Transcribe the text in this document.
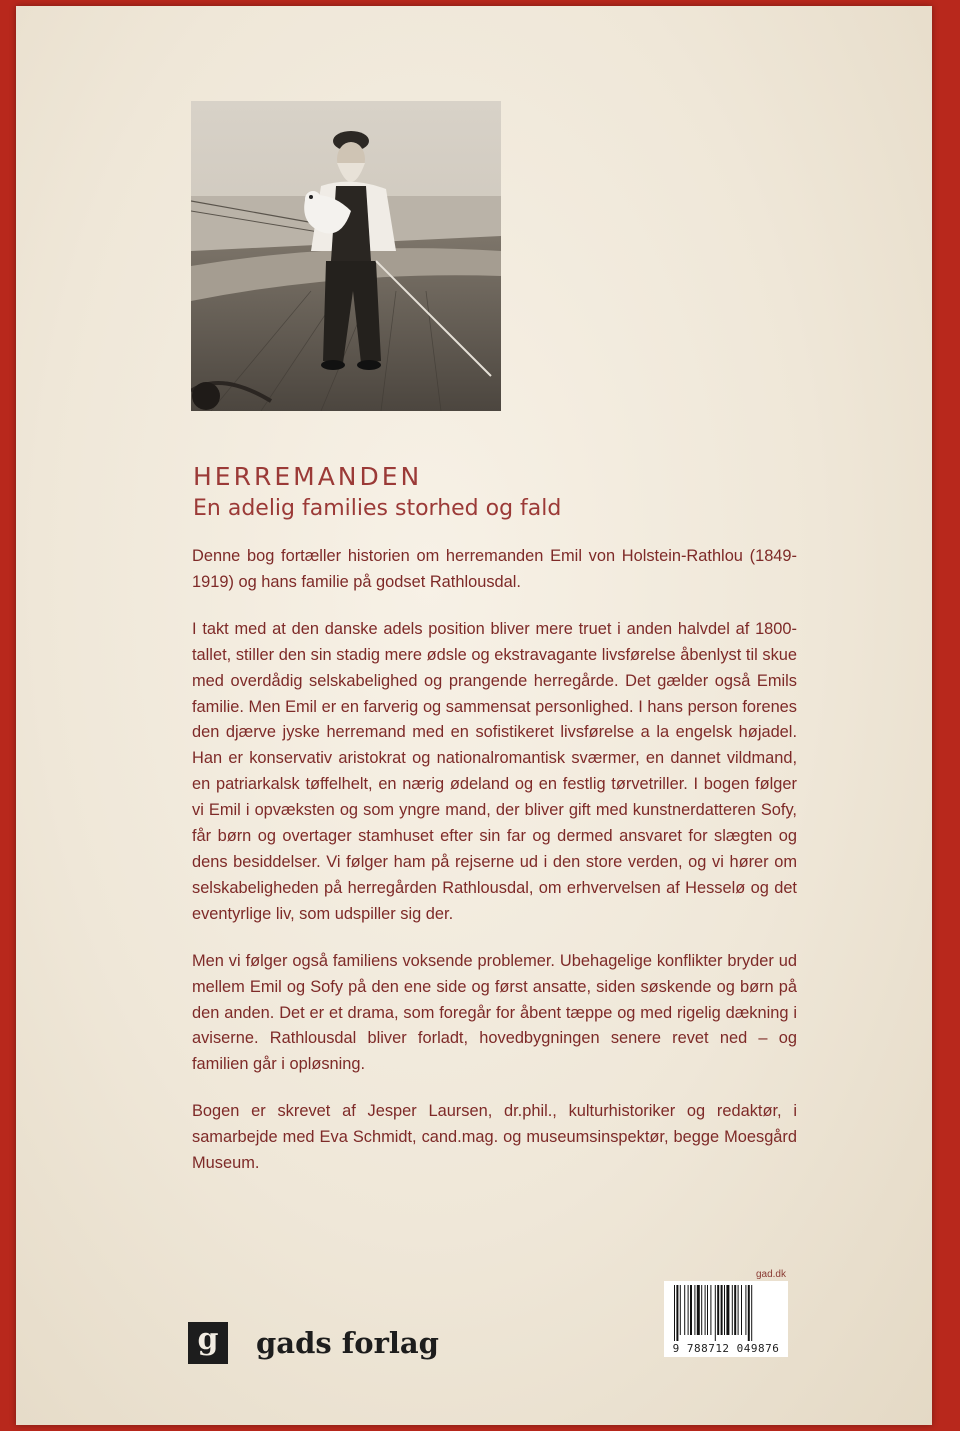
HERREMANDEN
En adelig families storhed og fald

Denne bog fortæller historien om herremanden Emil von Holstein-Rathlou (1849-1919) og hans familie på godset Rathlousdal.

I takt med at den danske adels position bliver mere truet i anden halvdel af 1800-tallet, stiller den sin stadig mere ødsle og ekstravagante livsførelse åbenlyst til skue med overdådig selskabelighed og prangende herregårde. Det gælder også Emils familie. Men Emil er en farverig og sammensat personlighed. I hans person forenes den djærve jyske herremand med en sofistikeret livsførelse a la engelsk højadel. Han er konservativ aristokrat og nationalromantisk sværmer, en dannet vildmand, en patriarkalsk tøffelhelt, en nærig ødeland og en festlig tørvetriller. I bogen følger vi Emil i opvæksten og som yngre mand, der bliver gift med kunstnerdatteren Sofy, får børn og overtager stamhuset efter sin far og dermed ansvaret for slægten og dens besiddelser. Vi følger ham på rejserne ud i den store verden, og vi hører om selskabeligheden på herregården Rathlousdal, om erhvervelsen af Hesselø og det eventyrlige liv, som udspiller sig der.

Men vi følger også familiens voksende problemer. Ubehagelige konflikter bryder ud mellem Emil og Sofy på den ene side og først ansatte, siden søskende og børn på den anden. Det er et drama, som foregår for åbent tæppe og med rigelig dækning i aviserne. Rathlousdal bliver forladt, hovedbygningen senere revet ned – og familien går i opløsning.

Bogen er skrevet af Jesper Laursen, dr.phil., kulturhistoriker og redaktør, i samarbejde med Eva Schmidt, cand.mag. og museumsinspektør, begge Moesgård Museum.

g	gads forlag
gad.dk
9 788712 049876
